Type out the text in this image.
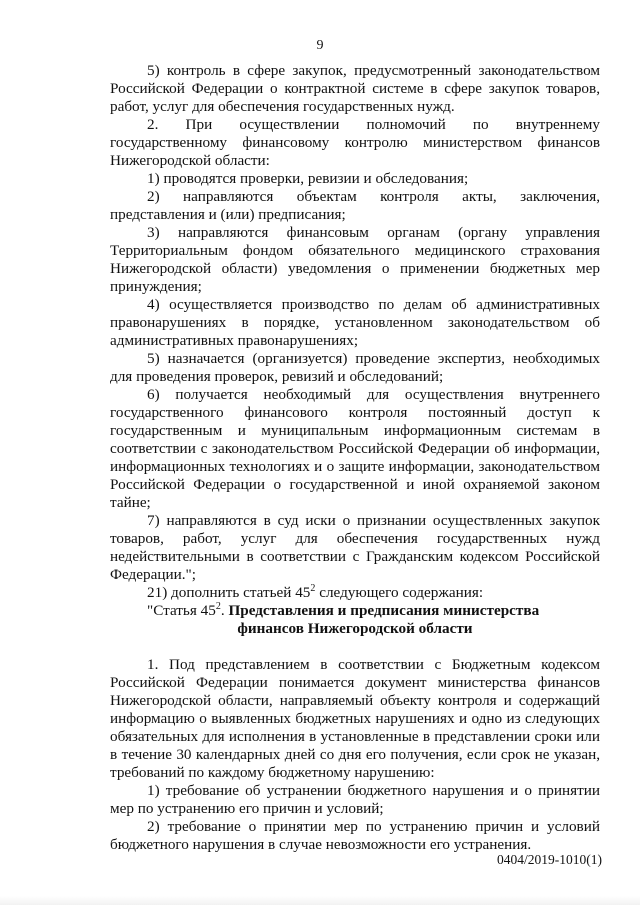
9

5) контроль в сфере закупок, предусмотренный законодательством Российской Федерации о контрактной системе в сфере закупок товаров, работ, услуг для обеспечения государственных нужд.

2. При осуществлении полномочий по внутреннему государственному финансовому контролю министерством финансов Нижегородской области:

1) проводятся проверки, ревизии и обследования;

2) направляются объектам контроля акты, заключения, представления и (или) предписания;

3) направляются финансовым органам (органу управления Территориальным фондом обязательного медицинского страхования Нижегородской области) уведомления о применении бюджетных мер принуждения;

4) осуществляется производство по делам об административных правонарушениях в порядке, установленном законодательством об административных правонарушениях;

5) назначается (организуется) проведение экспертиз, необходимых для проведения проверок, ревизий и обследований;

6) получается необходимый для осуществления внутреннего государственного финансового контроля постоянный доступ к государственным и муниципальным информационным системам в соответствии с законодательством Российской Федерации об информации, информационных технологиях и о защите информации, законодательством Российской Федерации о государственной и иной охраняемой законом тайне;

7) направляются в суд иски о признании осуществленных закупок товаров, работ, услуг для обеспечения государственных нужд недействительными в соответствии с Гражданским кодексом Российской Федерации.";

21) дополнить статьей $45^2$ следующего содержания:

"Статья $45^2$. Представления и предписания министерства

финансов Нижегородской области

1. Под представлением в соответствии с Бюджетным кодексом Российской Федерации понимается документ министерства финансов Нижегородской области, направляемый объекту контроля и содержащий информацию о выявленных бюджетных нарушениях и одно из следующих обязательных для исполнения в установленные в представлении сроки или в течение 30 календарных дней со дня его получения, если срок не указан, требований по каждому бюджетному нарушению:

1) требование об устранении бюджетного нарушения и о принятии мер по устранению его причин и условий;

2) требование о принятии мер по устранению причин и условий бюджетного нарушения в случае невозможности его устранения.

0404/2019-1010(1)
